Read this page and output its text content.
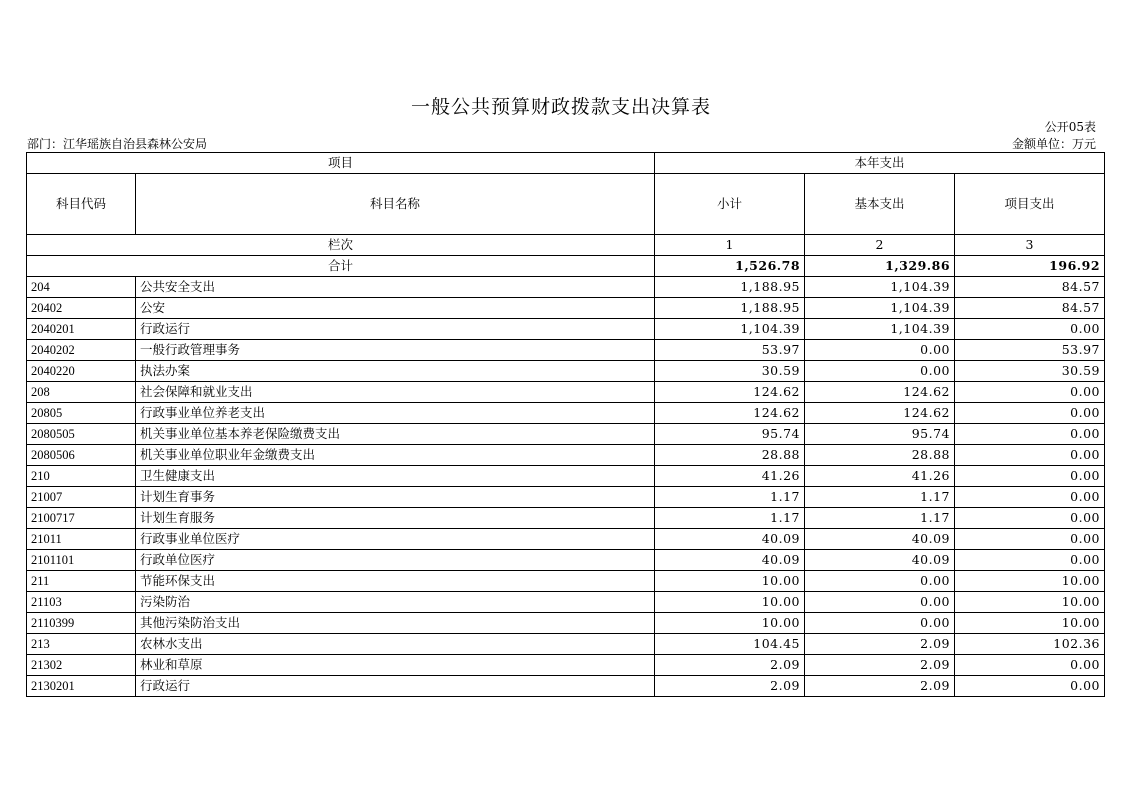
一般公共预算财政拨款支出决算表
公开05表
部门：江华瑶族自治县森林公安局	金额单位：万元
项目		本年支出		
科目代码	科目名称	小计	基本支出	项目支出
栏次		1	2	3
合计		1,526.78	1,329.86	196.92
204	公共安全支出	1,188.95	1,104.39	84.57
20402	公安	1,188.95	1,104.39	84.57
2040201	行政运行	1,104.39	1,104.39	0.00
2040202	一般行政管理事务	53.97	0.00	53.97
2040220	执法办案	30.59	0.00	30.59
208	社会保障和就业支出	124.62	124.62	0.00
20805	行政事业单位养老支出	124.62	124.62	0.00
2080505	机关事业单位基本养老保险缴费支出	95.74	95.74	0.00
2080506	机关事业单位职业年金缴费支出	28.88	28.88	0.00
210	卫生健康支出	41.26	41.26	0.00
21007	计划生育事务	1.17	1.17	0.00
2100717	计划生育服务	1.17	1.17	0.00
21011	行政事业单位医疗	40.09	40.09	0.00
2101101	行政单位医疗	40.09	40.09	0.00
211	节能环保支出	10.00	0.00	10.00
21103	污染防治	10.00	0.00	10.00
2110399	其他污染防治支出	10.00	0.00	10.00
213	农林水支出	104.45	2.09	102.36
21302	林业和草原	2.09	2.09	0.00
2130201	行政运行	2.09	2.09	0.00
